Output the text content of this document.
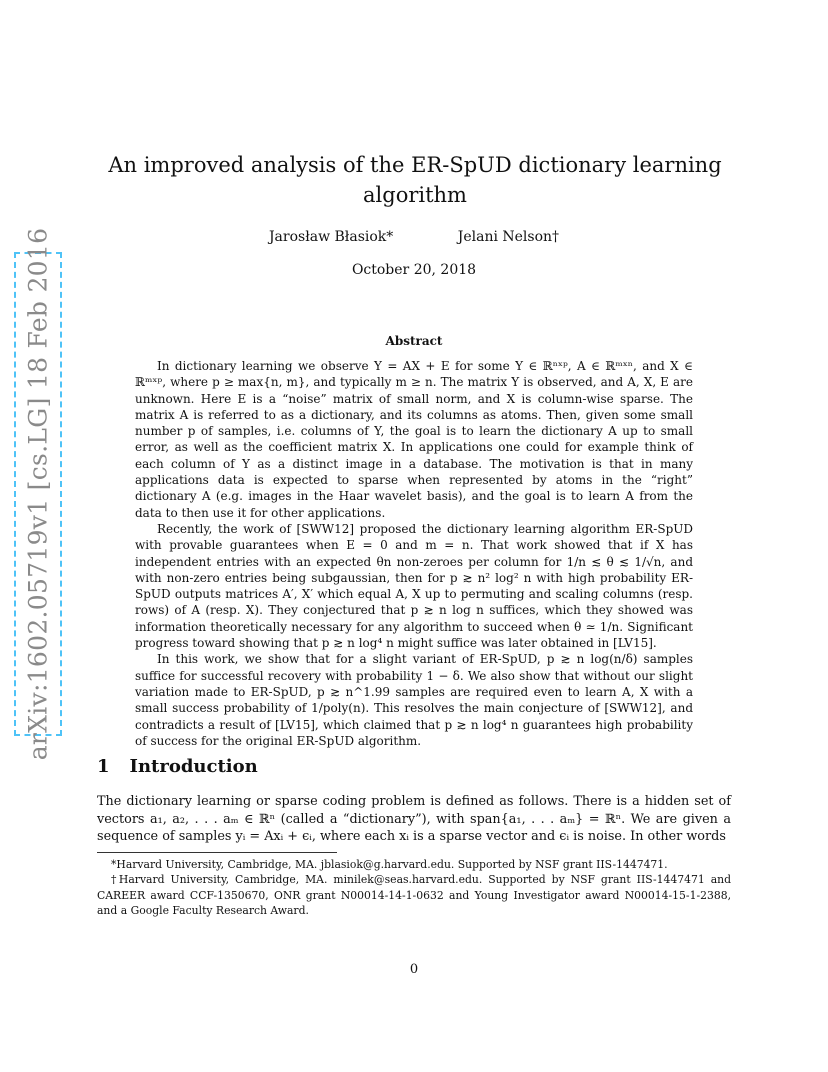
arXiv:1602.05719v1 [cs.LG] 18 Feb 2016
An improved analysis of the ER-SpUD dictionary learning algorithm
Jarosław Błasiok*	Jelani Nelson†
October 20, 2018
Abstract

In dictionary learning we observe Y = AX + E for some Y ∈ ℝⁿˣᵖ, A ∈ ℝᵐˣⁿ, and X ∈ ℝᵐˣᵖ, where p ≥ max{n, m}, and typically m ≥ n. The matrix Y is observed, and A, X, E are unknown. Here E is a “noise” matrix of small norm, and X is column-wise sparse. The matrix A is referred to as a dictionary, and its columns as atoms. Then, given some small number p of samples, i.e. columns of Y, the goal is to learn the dictionary A up to small error, as well as the coefficient matrix X. In applications one could for example think of each column of Y as a distinct image in a database. The motivation is that in many applications data is expected to sparse when represented by atoms in the “right” dictionary A (e.g. images in the Haar wavelet basis), and the goal is to learn A from the data to then use it for other applications.

Recently, the work of [SWW12] proposed the dictionary learning algorithm ER-SpUD with provable guarantees when E = 0 and m = n. That work showed that if X has independent entries with an expected θn non-zeroes per column for 1/n ≲ θ ≲ 1/√n, and with non-zero entries being subgaussian, then for p ≳ n² log² n with high probability ER-SpUD outputs matrices A′, X′ which equal A, X up to permuting and scaling columns (resp. rows) of A (resp. X). They conjectured that p ≳ n log n suffices, which they showed was information theoretically necessary for any algorithm to succeed when θ ≃ 1/n. Significant progress toward showing that p ≳ n log⁴ n might suffice was later obtained in [LV15].

In this work, we show that for a slight variant of ER-SpUD, p ≳ n log(n/δ) samples suffice for successful recovery with probability 1 − δ. We also show that without our slight variation made to ER-SpUD, p ≳ n^1.99 samples are required even to learn A, X with a small success probability of 1/poly(n). This resolves the main conjecture of [SWW12], and contradicts a result of [LV15], which claimed that p ≳ n log⁴ n guarantees high probability of success for the original ER-SpUD algorithm.

1 Introduction
The dictionary learning or sparse coding problem is defined as follows. There is a hidden set of vectors a₁, a₂, . . . aₘ ∈ ℝⁿ (called a “dictionary”), with span{a₁, . . . aₘ} = ℝⁿ. We are given a sequence of samples yᵢ = Axᵢ + ϵᵢ, where each xᵢ is a sparse vector and ϵᵢ is noise. In other words

*Harvard University, Cambridge, MA. jblasiok@g.harvard.edu. Supported by NSF grant IIS-1447471.

†Harvard University, Cambridge, MA. minilek@seas.harvard.edu. Supported by NSF grant IIS-1447471 and CAREER award CCF-1350670, ONR grant N00014-14-1-0632 and Young Investigator award N00014-15-1-2388, and a Google Faculty Research Award.

0
